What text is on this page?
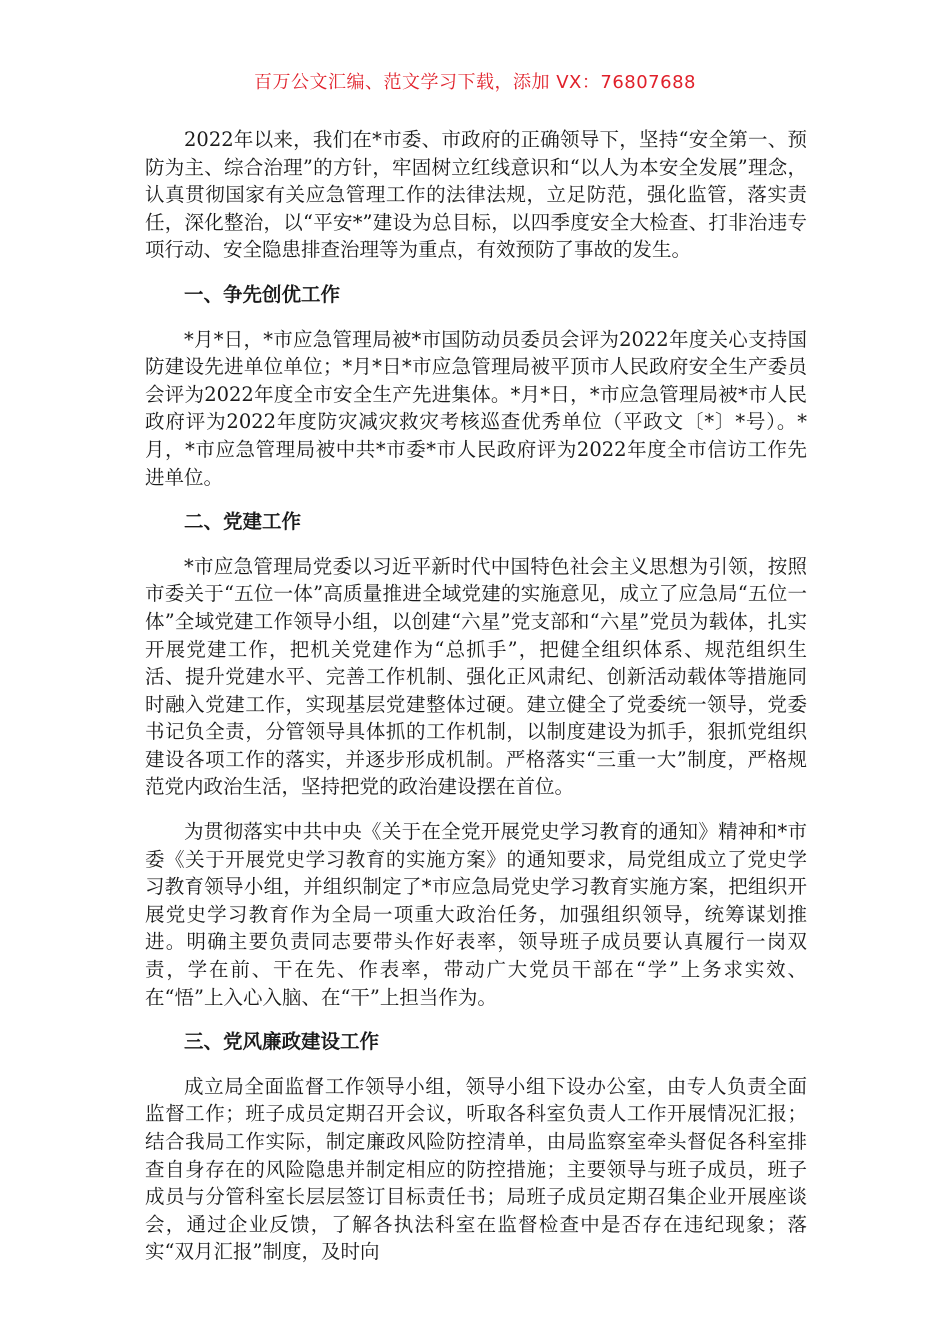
百万公文汇编、范文学习下载，添加 VX：76807688

2022年以来，我们在*市委、市政府的正确领导下，坚持“安全第一、预防为主、综合治理”的方针，牢固树立红线意识和“以人为本安全发展”理念，认真贯彻国家有关应急管理工作的法律法规，立足防范，强化监管，落实责任，深化整治，以“平安*”建设为总目标，以四季度安全大检查、打非治违专项行动、安全隐患排查治理等为重点，有效预防了事故的发生。

一、争先创优工作

*月*日，*市应急管理局被*市国防动员委员会评为2022年度关心支持国防建设先进单位单位；*月*日*市应急管理局被平顶市人民政府安全生产委员会评为2022年度全市安全生产先进集体。*月*日，*市应急管理局被*市人民政府评为2022年度防灾减灾救灾考核巡查优秀单位（平政文〔*〕*号）。*月，*市应急管理局被中共*市委*市人民政府评为2022年度全市信访工作先进单位。

二、党建工作

*市应急管理局党委以习近平新时代中国特色社会主义思想为引领，按照市委关于“五位一体”高质量推进全域党建的实施意见，成立了应急局“五位一体”全域党建工作领导小组，以创建“六星”党支部和“六星”党员为载体，扎实开展党建工作，把机关党建作为“总抓手”，把健全组织体系、规范组织生活、提升党建水平、完善工作机制、强化正风肃纪、创新活动载体等措施同时融入党建工作，实现基层党建整体过硬。建立健全了党委统一领导，党委书记负全责，分管领导具体抓的工作机制，以制度建设为抓手，狠抓党组织建设各项工作的落实，并逐步形成机制。严格落实“三重一大”制度，严格规范党内政治生活，坚持把党的政治建设摆在首位。

为贯彻落实中共中央《关于在全党开展党史学习教育的通知》精神和*市委《关于开展党史学习教育的实施方案》的通知要求，局党组成立了党史学习教育领导小组，并组织制定了*市应急局党史学习教育实施方案，把组织开展党史学习教育作为全局一项重大政治任务，加强组织领导，统筹谋划推进。明确主要负责同志要带头作好表率，领导班子成员要认真履行一岗双责，学在前、干在先、作表率，带动广大党员干部在“学”上务求实效、在“悟”上入心入脑、在“干”上担当作为。

三、党风廉政建设工作

成立局全面监督工作领导小组，领导小组下设办公室，由专人负责全面监督工作；班子成员定期召开会议，听取各科室负责人工作开展情况汇报；结合我局工作实际，制定廉政风险防控清单，由局监察室牵头督促各科室排查自身存在的风险隐患并制定相应的防控措施；主要领导与班子成员，班子成员与分管科室长层层签订目标责任书；局班子成员定期召集企业开展座谈会，通过企业反馈，了解各执法科室在监督检查中是否存在违纪现象；落实“双月汇报”制度，及时向
